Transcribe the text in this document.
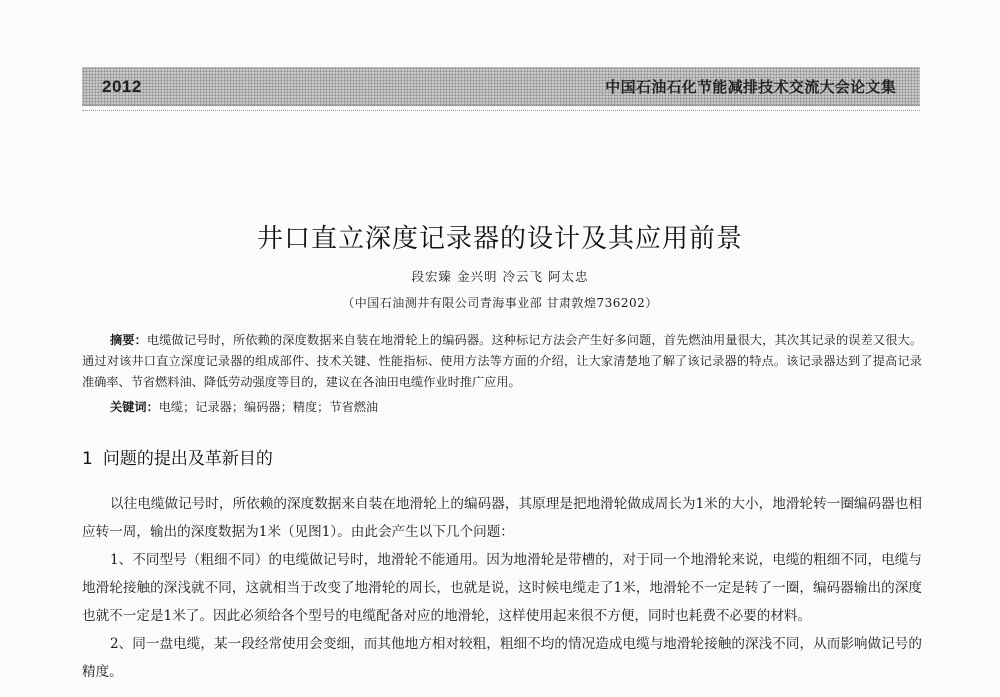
2012	中国石油石化节能减排技术交流大会论文集
井口直立深度记录器的设计及其应用前景
段宏臻 金兴明 冷云飞 阿太忠
（中国石油测井有限公司青海事业部 甘肃敦煌736202）
摘要：电缆做记号时，所依赖的深度数据来自装在地滑轮上的编码器。这种标记方法会产生好多问题，首先燃油用量很大，其次其记录的误差又很大。通过对该井口直立深度记录器的组成部件、技术关键、性能指标、使用方法等方面的介绍，让大家清楚地了解了该记录器的特点。该记录器达到了提高记录准确率、节省燃料油、降低劳动强度等目的，建议在各油田电缆作业时推广应用。
关键词：电缆；记录器；编码器；精度；节省燃油
1 问题的提出及革新目的

以往电缆做记号时，所依赖的深度数据来自装在地滑轮上的编码器，其原理是把地滑轮做成周长为1米的大小，地滑轮转一圈编码器也相应转一周，输出的深度数据为1米（见图1）。由此会产生以下几个问题：

1、不同型号（粗细不同）的电缆做记号时，地滑轮不能通用。因为地滑轮是带槽的，对于同一个地滑轮来说，电缆的粗细不同，电缆与地滑轮接触的深浅就不同，这就相当于改变了地滑轮的周长，也就是说，这时候电缆走了1米，地滑轮不一定是转了一圈，编码器输出的深度也就不一定是1米了。因此必须给各个型号的电缆配备对应的地滑轮，这样使用起来很不方便，同时也耗费不必要的材料。

2、同一盘电缆，某一段经常使用会变细，而其他地方相对较粗，粗细不均的情况造成电缆与地滑轮接触的深浅不同，从而影响做记号的精度。
